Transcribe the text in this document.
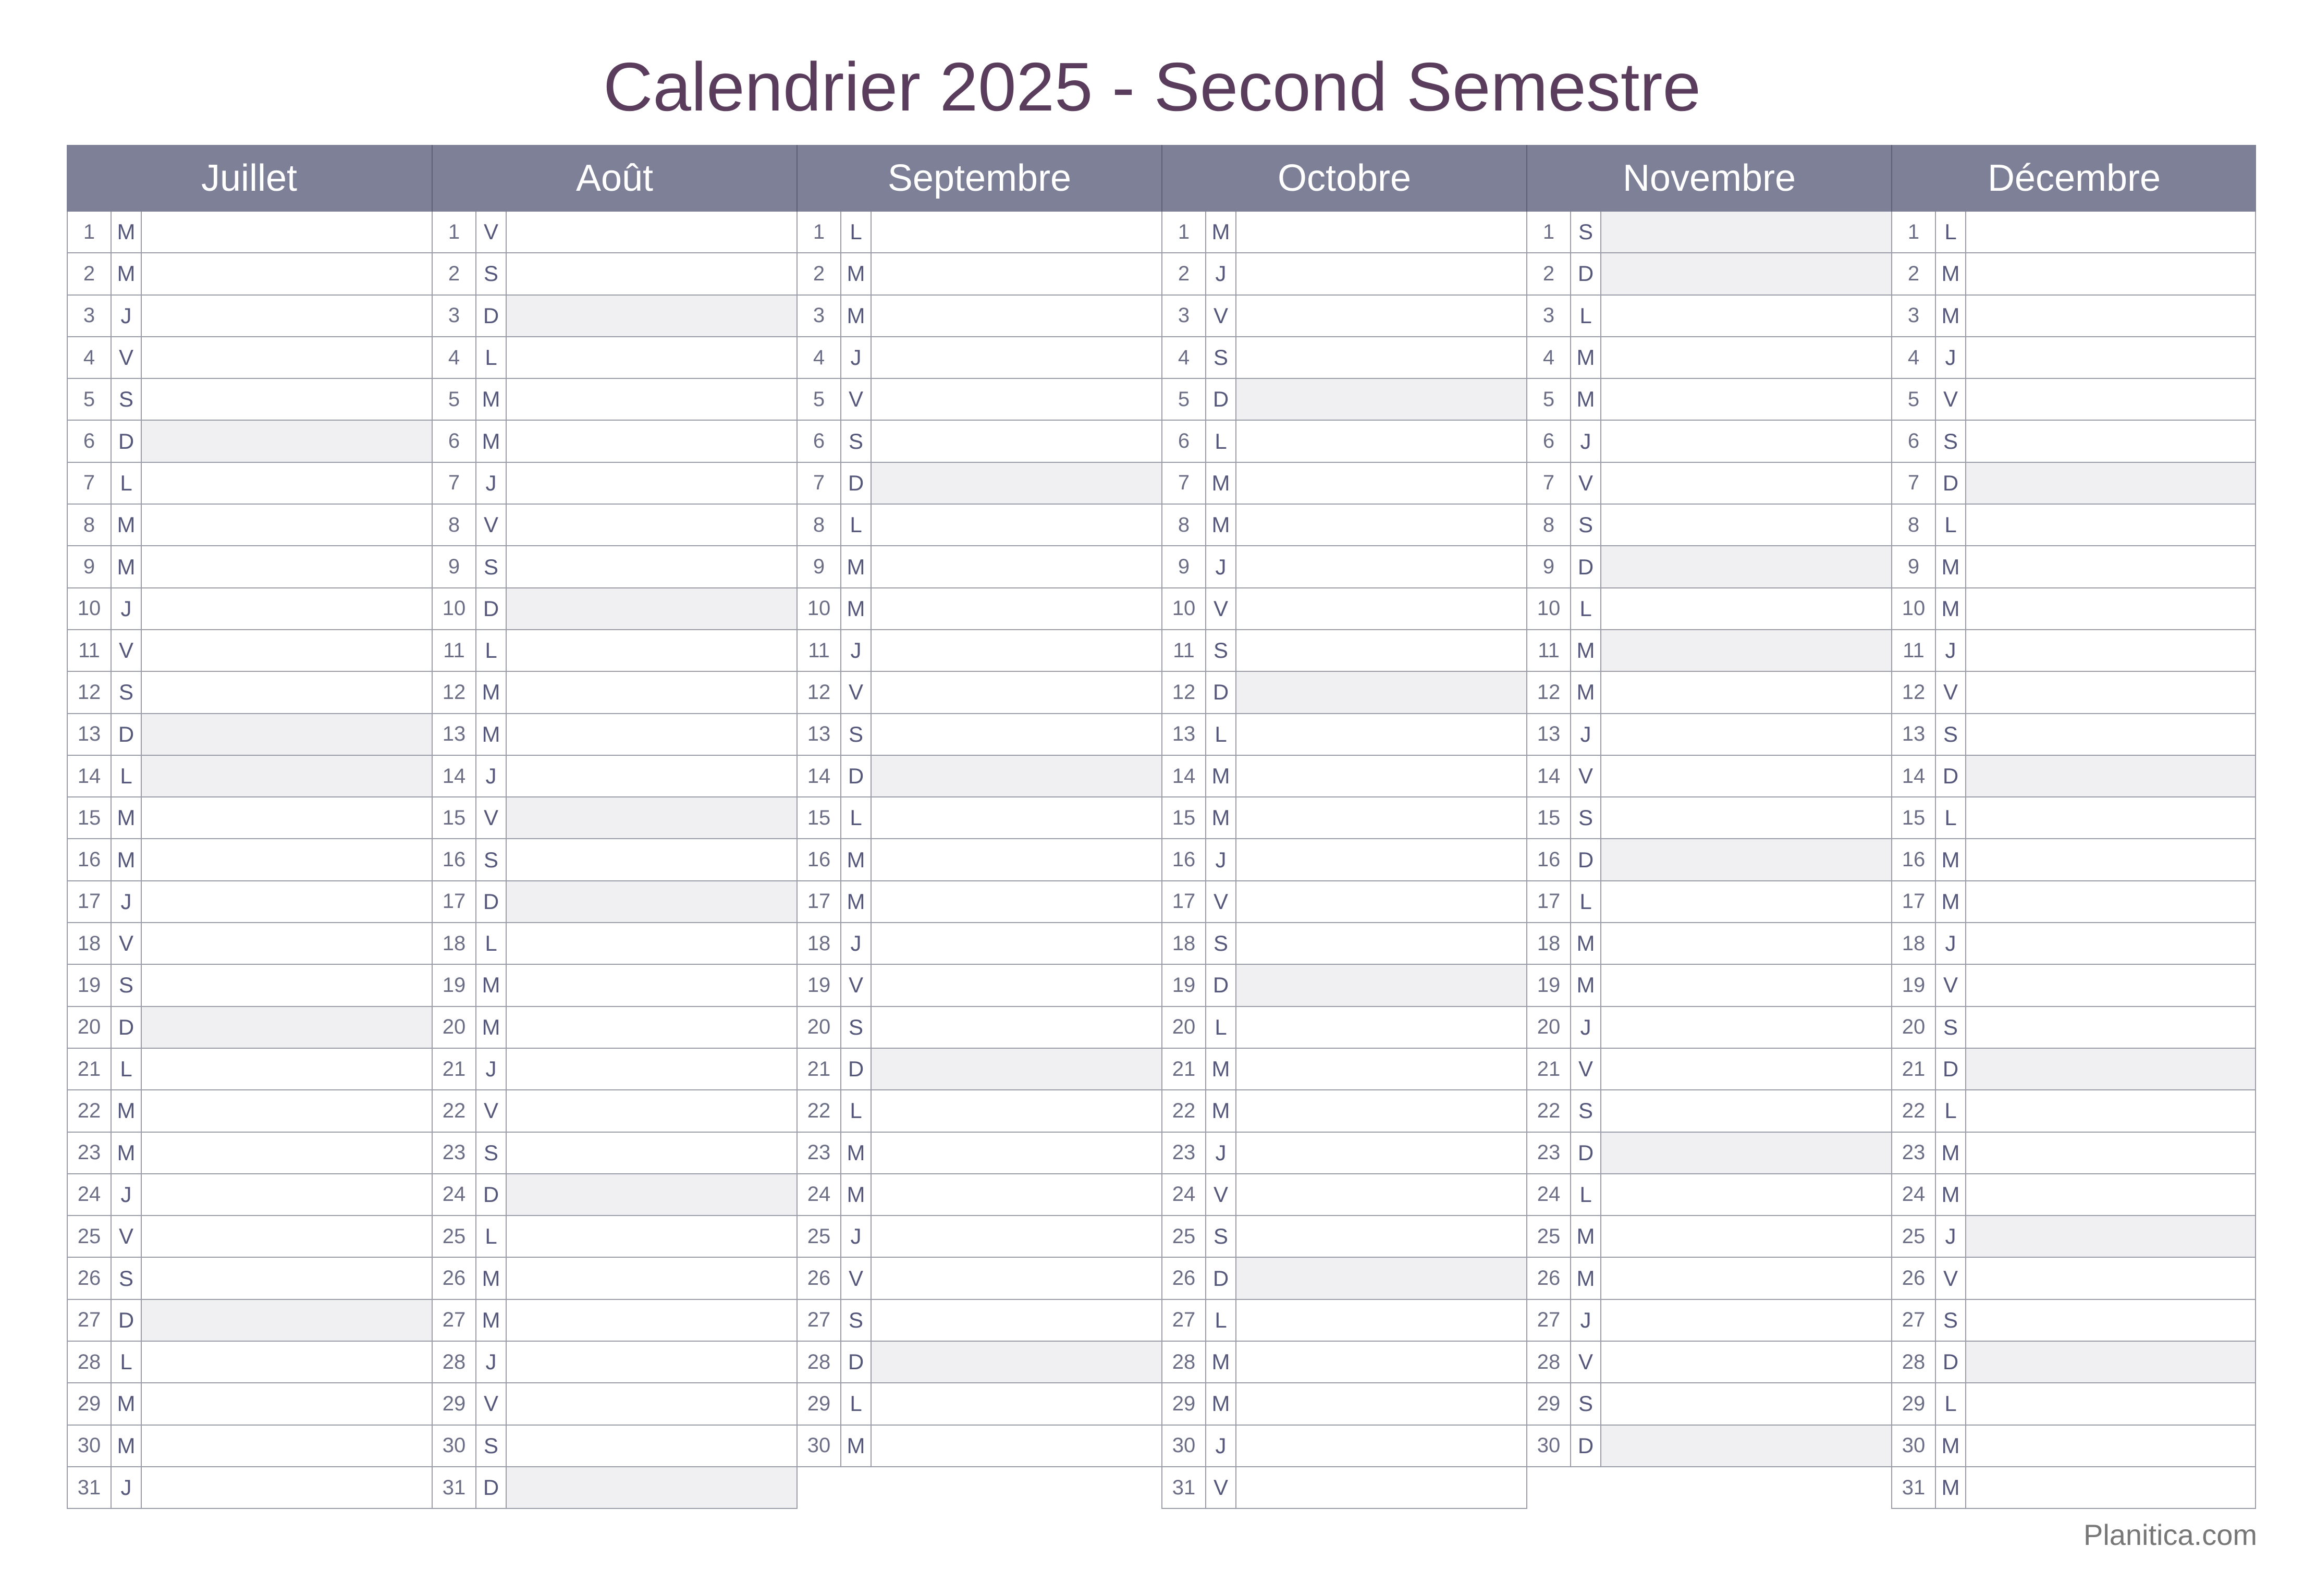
Calendrier 2025 - Second Semestre
Juillet
1	M
2	M
3	J
4	V
5	S
6	D
7	L
8	M
9	M
10 J
11 V
12 S
13 D
14 L
15 M
16 M
17 J
18 V
19 S
20 D
21 L
22 M
23 M
24 J
25 V
26 S
27 D
28 L
29 M
30 M
31 J
Août
1	V
2	S
3	D
4	L
5	M
6	M
7	J
8	V
9	S
10 D
11 L
12 M
13 M
14 J
15 V
16 S
17 D
18 L
19 M
20 M
21 J
22 V
23 S
24 D
25 L
26 M
27 M
28 J
29 V
30 S
31 D
Septembre
1	L
2	M
3	M
4	J
5	V
6	S
7	D
8	L
9	M
10 M
11 J
12 V
13 S
14 D
15 L
16 M
17 M
18 J
19 V
20 S
21 D
22 L
23 M
24 M
25 J
26 V
27 S
28 D
29 L
30 M
Octobre
1	M
2	J
3	V
4	S
5	D
6	L
7	M
8	M
9	J
10 V
11 S
12 D
13 L
14 M
15 M
16 J
17 V
18 S
19 D
20 L
21 M
22 M
23 J
24 V
25 S
26 D
27 L
28 M
29 M
30 J
31 V
Novembre
1	S
2	D
3	L
4	M
5	M
6	J
7	V
8	S
9	D
10 L
11 M
12 M
13 J
14 V
15 S
16 D
17 L
18 M
19 M
20 J
21 V
22 S
23 D
24 L
25 M
26 M
27 J
28 V
29 S
30 D
Décembre
1	L
2	M
3	M
4	J
5	V
6	S
7	D
8	L
9	M
10 M
11 J
12 V
13 S
14 D
15 L
16 M
17 M
18 J
19 V
20 S
21 D
22 L
23 M
24 M
25 J
26 V
27 S
28 D
29 L
30 M
31 M
Planitica.com
